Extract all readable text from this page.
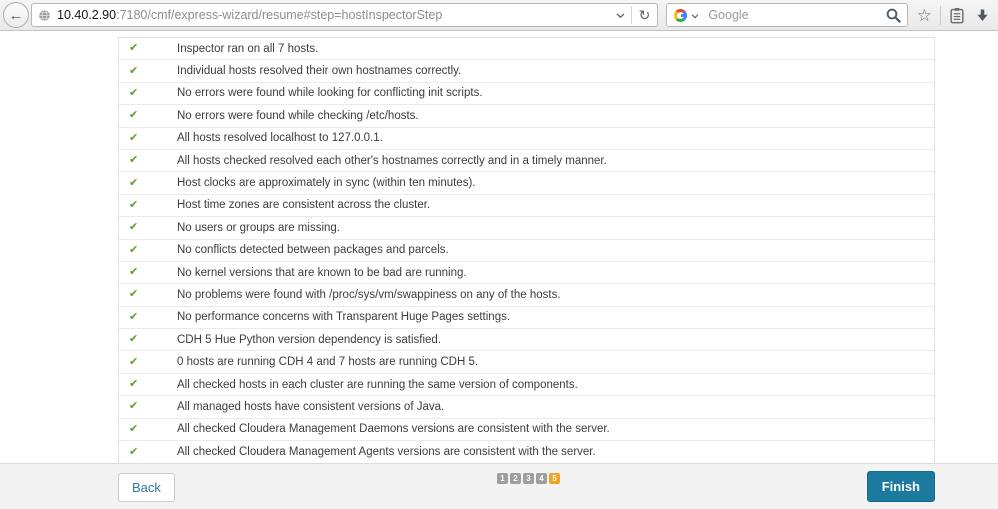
←	10.40.2.90:7180/cmf/express-wizard/resume#step=hostInspectorStep	↻
Google	☆
✔	Inspector ran on all 7 hosts.
✔	Individual hosts resolved their own hostnames correctly.
✔	No errors were found while looking for conflicting init scripts.
✔	No errors were found while checking /etc/hosts.
✔	All hosts resolved localhost to 127.0.0.1.
✔	All hosts checked resolved each other's hostnames correctly and in a timely manner.
✔	Host clocks are approximately in sync (within ten minutes).
✔	Host time zones are consistent across the cluster.
✔	No users or groups are missing.
✔	No conflicts detected between packages and parcels.
✔	No kernel versions that are known to be bad are running.
✔	No problems were found with /proc/sys/vm/swappiness on any of the hosts.
✔	No performance concerns with Transparent Huge Pages settings.
✔	CDH 5 Hue Python version dependency is satisfied.
✔	0 hosts are running CDH 4 and 7 hosts are running CDH 5.
✔	All checked hosts in each cluster are running the same version of components.
✔	All managed hosts have consistent versions of Java.
✔	All checked Cloudera Management Daemons versions are consistent with the server.
✔	All checked Cloudera Management Agents versions are consistent with the server.
Back
1	2	3	4	5
Finish
